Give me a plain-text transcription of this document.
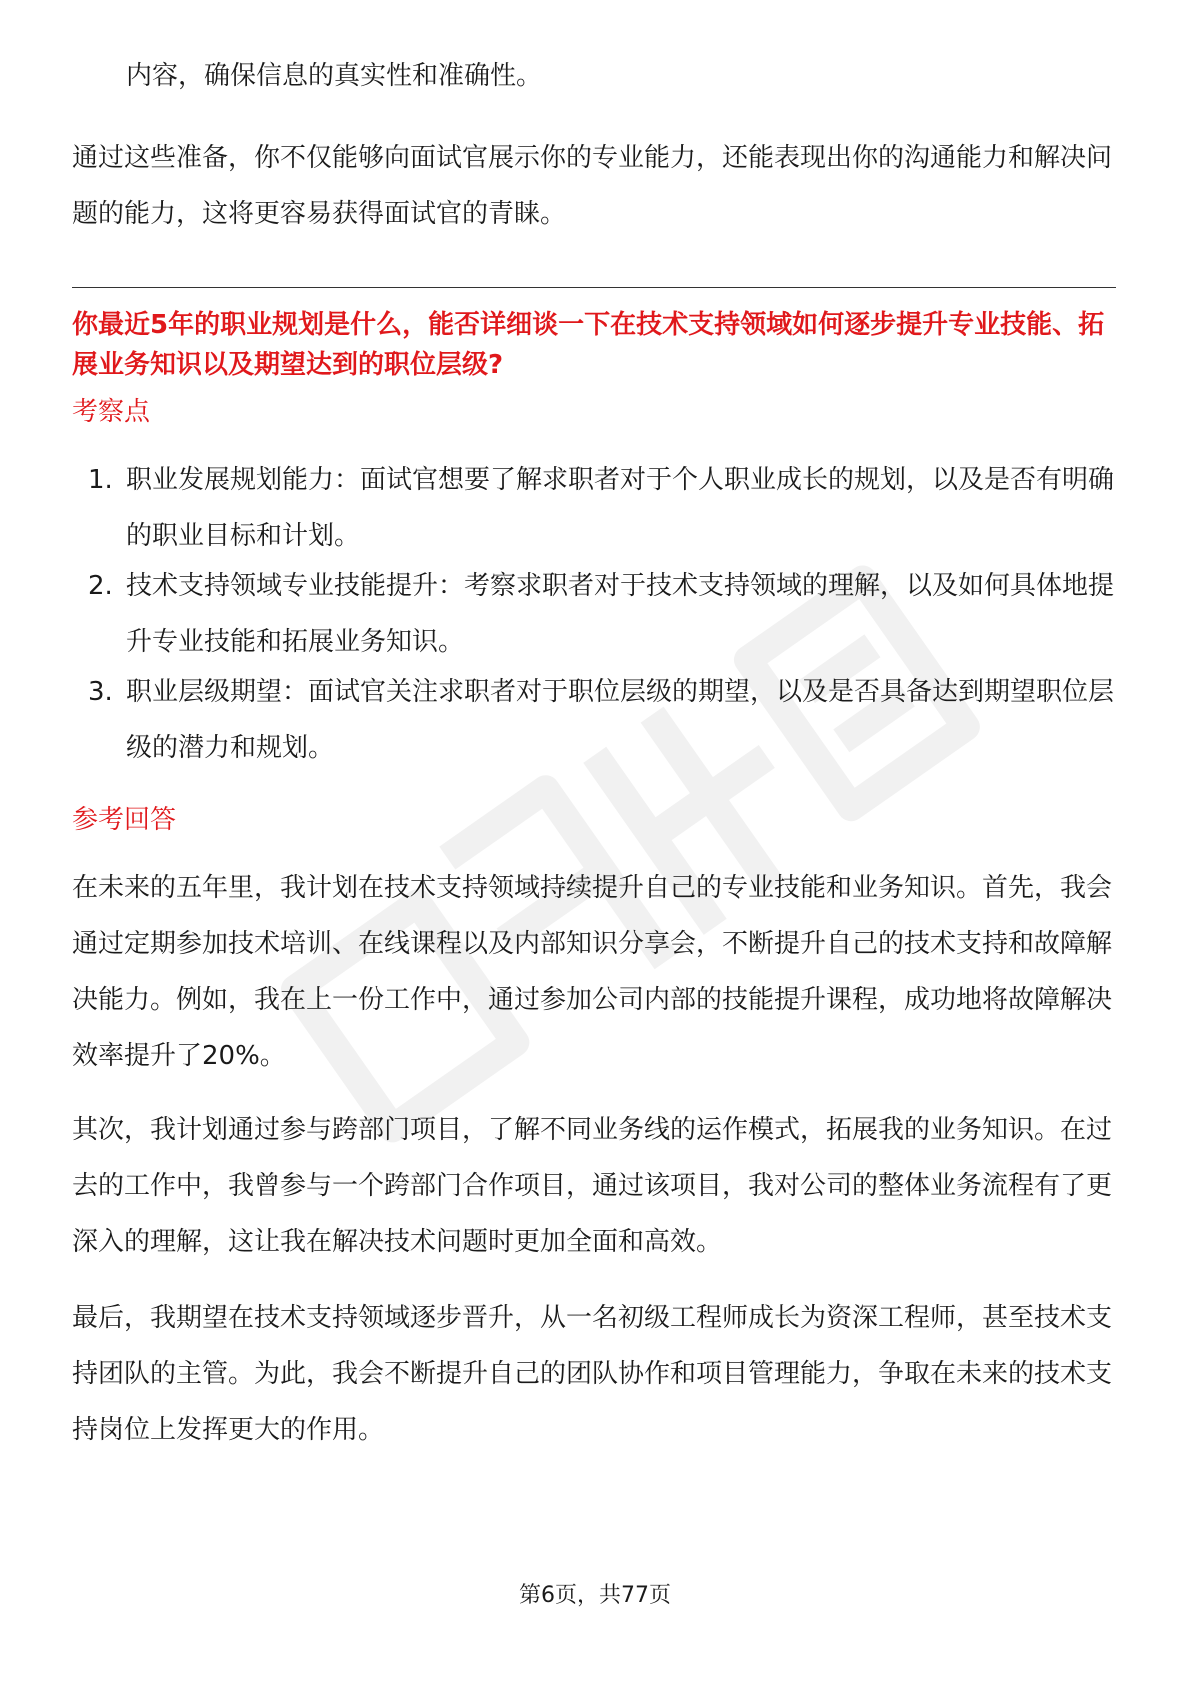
内容，确保信息的真实性和准确性。

通过这些准备，你不仅能够向面试官展示你的专业能力，还能表现出你的沟通能力和解决问题的能力，这将更容易获得面试官的青睐。

你最近5年的职业规划是什么，能否详细谈一下在技术支持领域如何逐步提升专业技能、拓展业务知识以及期望达到的职位层级?

考察点

1. 职业发展规划能力：面试官想要了解求职者对于个人职业成长的规划，以及是否有明确的职业目标和计划。
2. 技术支持领域专业技能提升：考察求职者对于技术支持领域的理解，以及如何具体地提升专业技能和拓展业务知识。
3. 职业层级期望：面试官关注求职者对于职位层级的期望，以及是否具备达到期望职位层级的潜力和规划。

参考回答

在未来的五年里，我计划在技术支持领域持续提升自己的专业技能和业务知识。首先，我会通过定期参加技术培训、在线课程以及内部知识分享会，不断提升自己的技术支持和故障解决能力。例如，我在上一份工作中，通过参加公司内部的技能提升课程，成功地将故障解决效率提升了20%。

其次，我计划通过参与跨部门项目，了解不同业务线的运作模式，拓展我的业务知识。在过去的工作中，我曾参与一个跨部门合作项目，通过该项目，我对公司的整体业务流程有了更深入的理解，这让我在解决技术问题时更加全面和高效。

最后，我期望在技术支持领域逐步晋升，从一名初级工程师成长为资深工程师，甚至技术支持团队的主管。为此，我会不断提升自己的团队协作和项目管理能力，争取在未来的技术支持岗位上发挥更大的作用。

第6页，共77页
